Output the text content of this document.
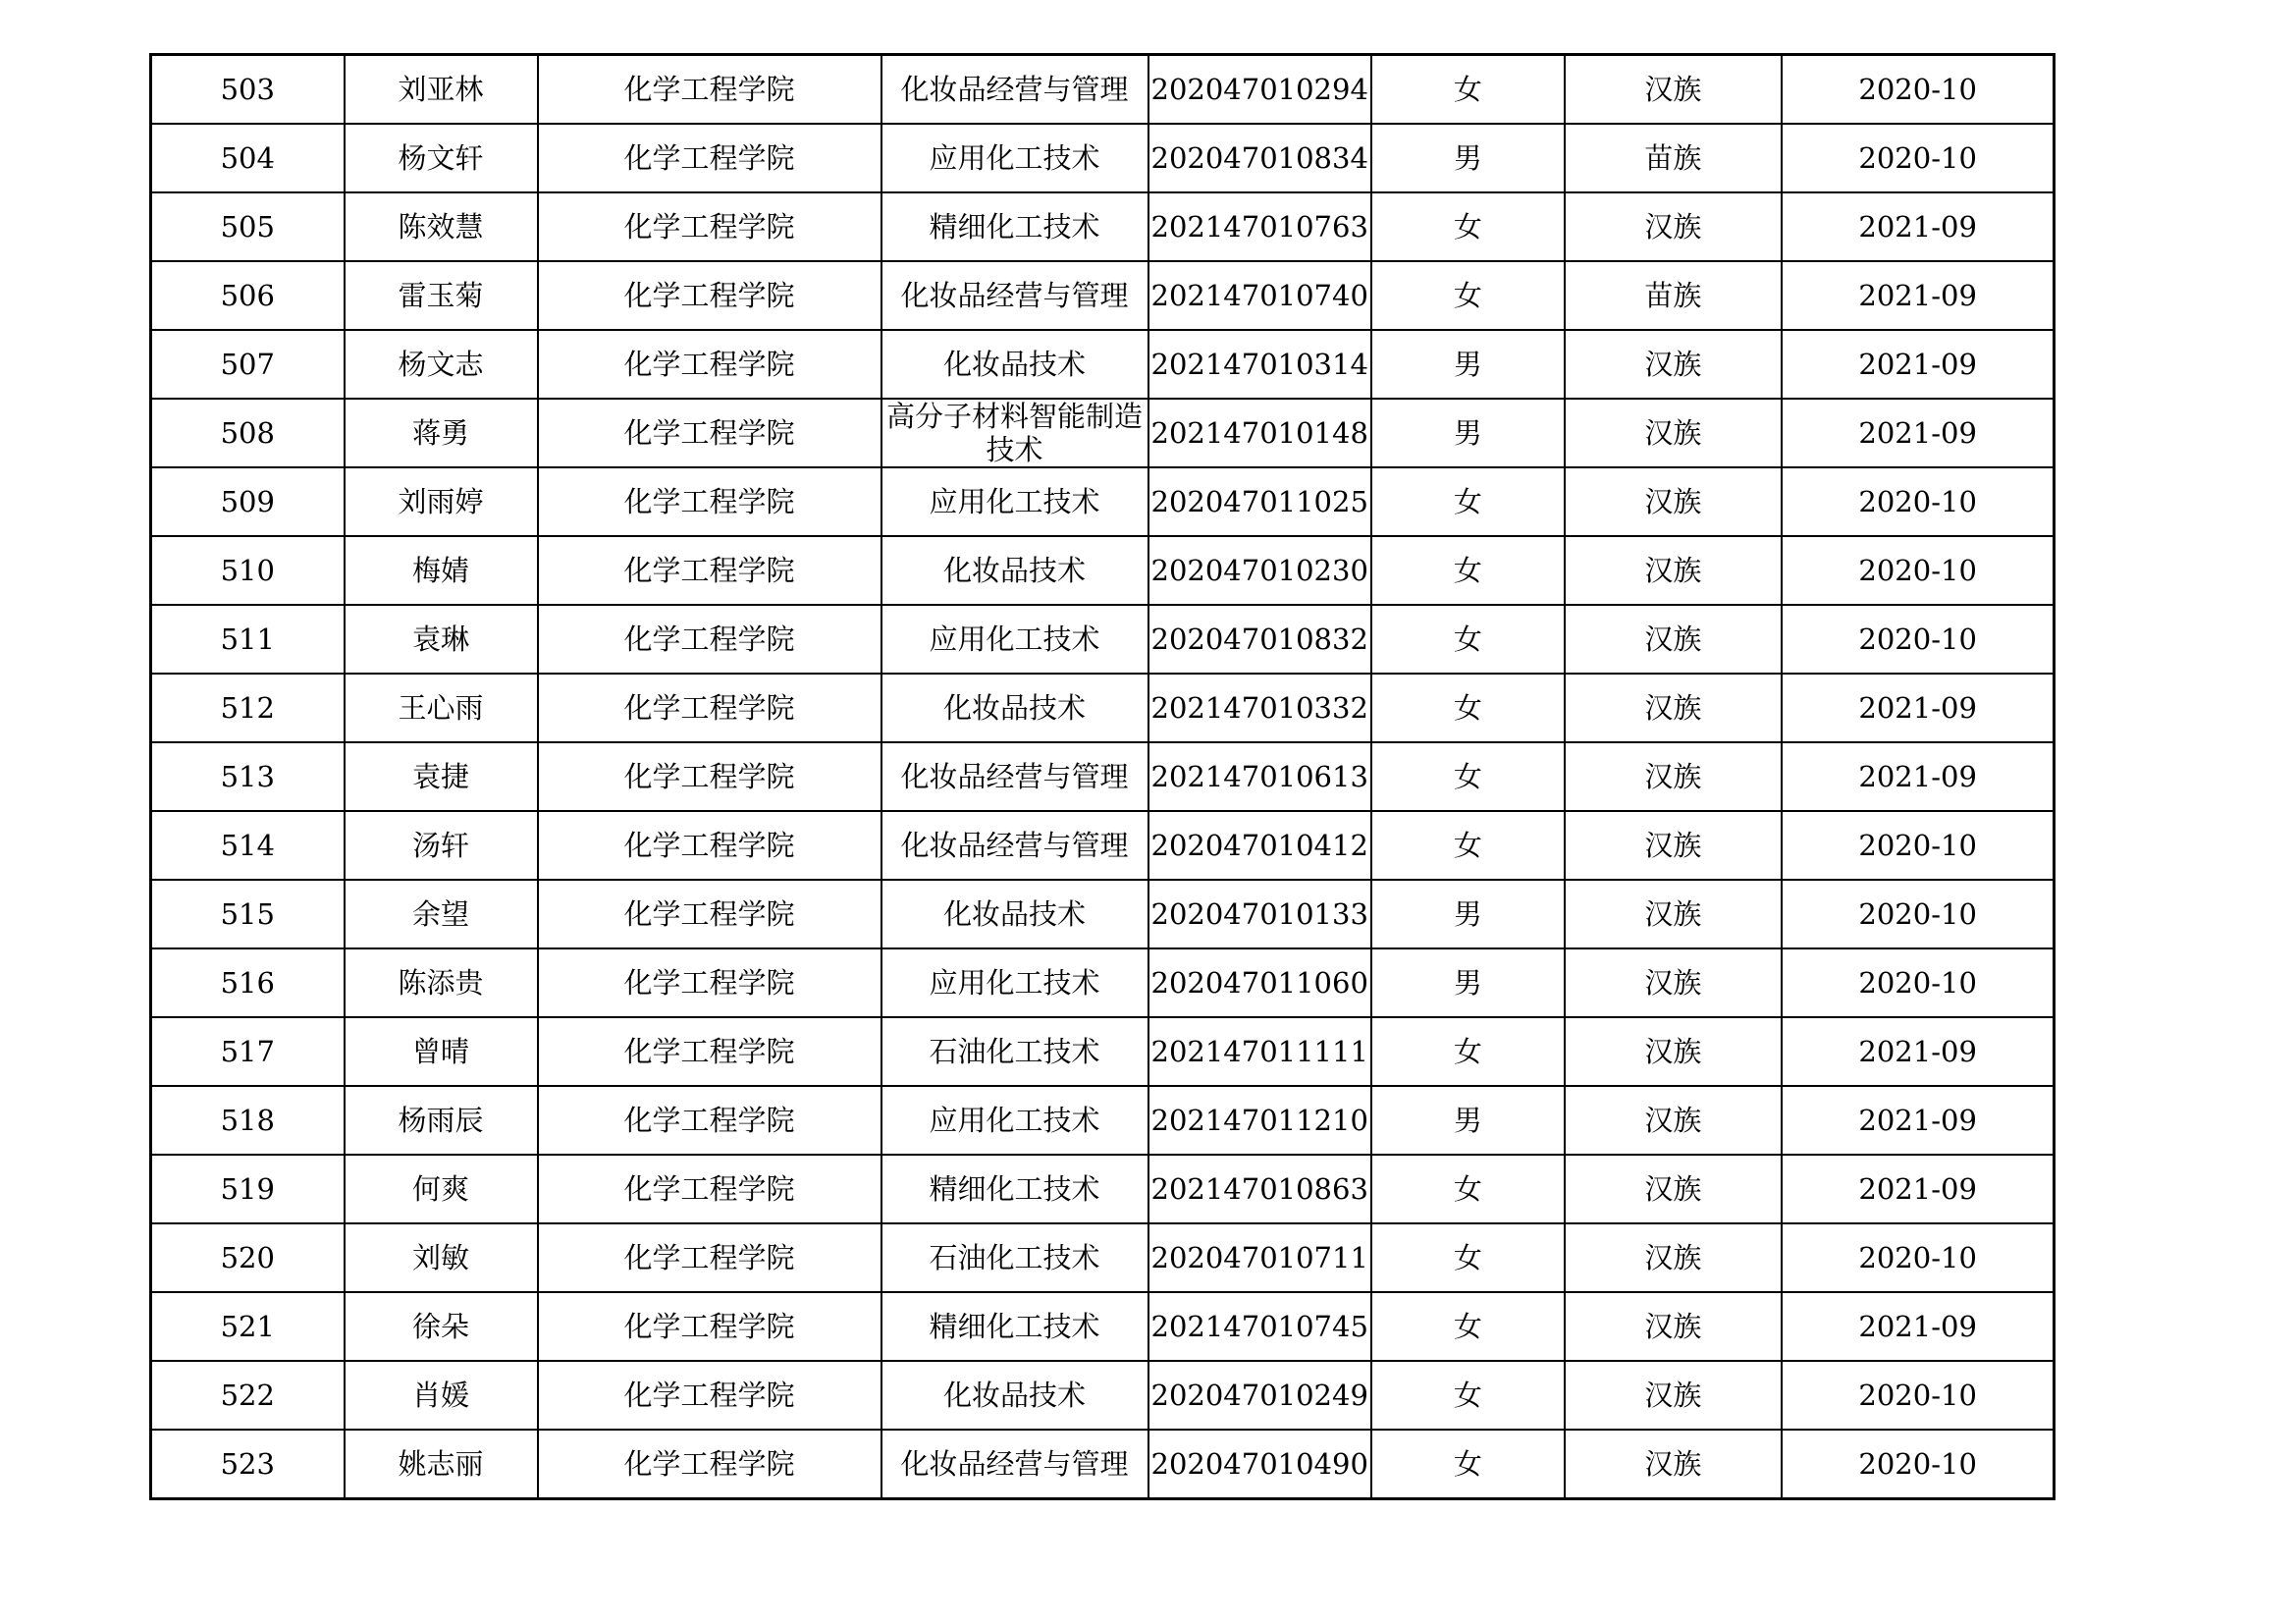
503	刘亚林	化学工程学院	化妆品经营与管理	202047010294	女	汉族	2020-10
504	杨文轩	化学工程学院	应用化工技术	202047010834	男	苗族	2020-10
505	陈效慧	化学工程学院	精细化工技术	202147010763	女	汉族	2021-09
506	雷玉菊	化学工程学院	化妆品经营与管理	202147010740	女	苗族	2021-09
507	杨文志	化学工程学院	化妆品技术	202147010314	男	汉族	2021-09
508	蒋勇	化学工程学院	高分子材料智能制造技术	202147010148	男	汉族	2021-09
509	刘雨婷	化学工程学院	应用化工技术	202047011025	女	汉族	2020-10
510	梅婧	化学工程学院	化妆品技术	202047010230	女	汉族	2020-10
511	袁琳	化学工程学院	应用化工技术	202047010832	女	汉族	2020-10
512	王心雨	化学工程学院	化妆品技术	202147010332	女	汉族	2021-09
513	袁捷	化学工程学院	化妆品经营与管理	202147010613	女	汉族	2021-09
514	汤轩	化学工程学院	化妆品经营与管理	202047010412	女	汉族	2020-10
515	余望	化学工程学院	化妆品技术	202047010133	男	汉族	2020-10
516	陈添贵	化学工程学院	应用化工技术	202047011060	男	汉族	2020-10
517	曾晴	化学工程学院	石油化工技术	202147011111	女	汉族	2021-09
518	杨雨辰	化学工程学院	应用化工技术	202147011210	男	汉族	2021-09
519	何爽	化学工程学院	精细化工技术	202147010863	女	汉族	2021-09
520	刘敏	化学工程学院	石油化工技术	202047010711	女	汉族	2020-10
521	徐朵	化学工程学院	精细化工技术	202147010745	女	汉族	2021-09
522	肖媛	化学工程学院	化妆品技术	202047010249	女	汉族	2020-10
523	姚志丽	化学工程学院	化妆品经营与管理	202047010490	女	汉族	2020-10
